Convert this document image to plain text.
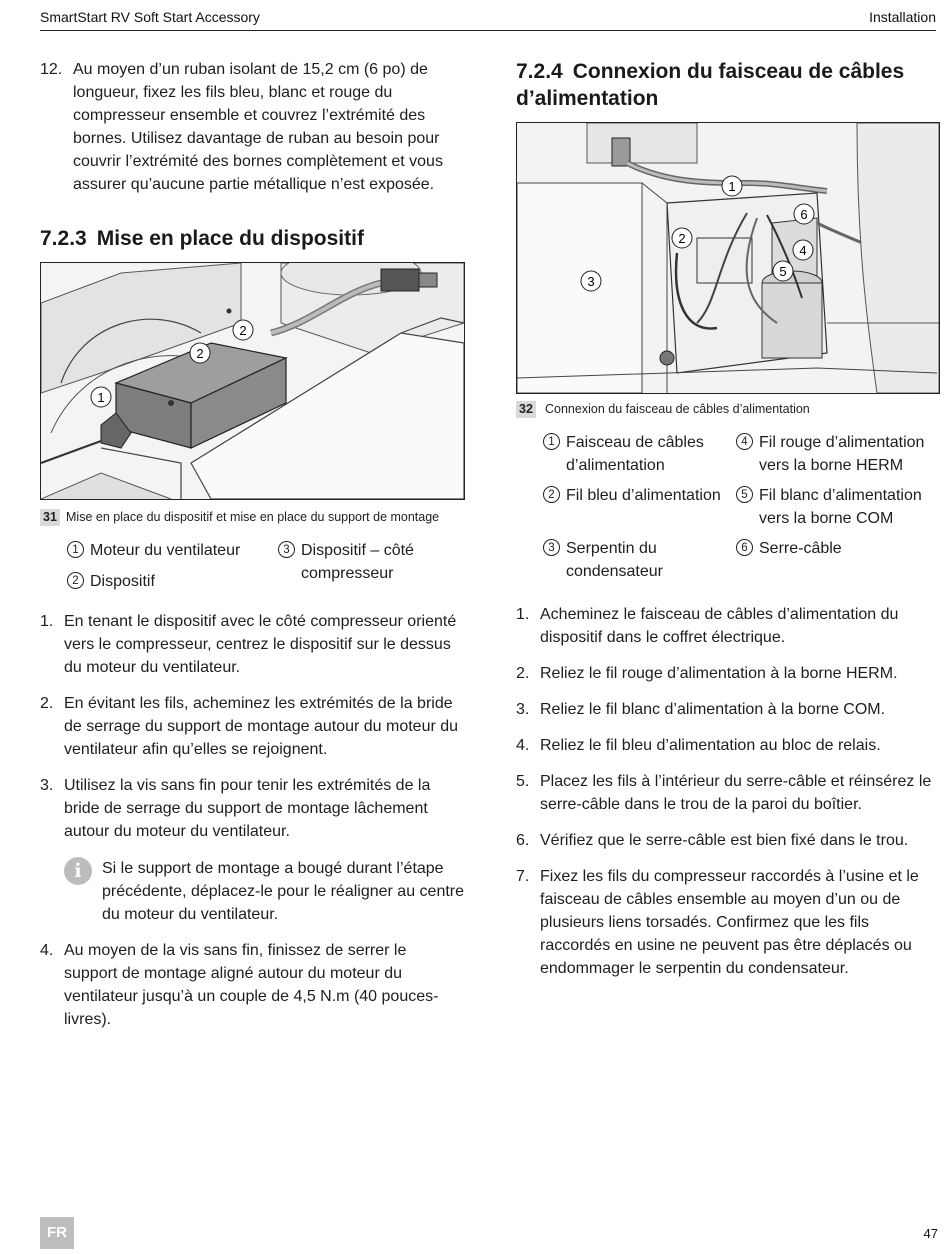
SmartStart RV Soft Start Accessory	Installation
12. Au moyen d’un ruban isolant de 15,2 cm (6 po) de longueur, fixez les fils bleu, blanc et rouge du compresseur ensemble et couvrez l’extrémité des bornes. Utilisez davantage de ruban au besoin pour couvrir l’extrémité des bornes complètement et vous assurer qu’aucune partie métallique n’est exposée.
7.2.3 Mise en place du dispositif
2
2
1
31 Mise en place du dispositif et mise en place du support de montage
1 Moteur du ventilateur
2 Dispositif
3 Dispositif – côté compresseur
1. En tenant le dispositif avec le côté compresseur orienté vers le compresseur, centrez le dispositif sur le dessus du moteur du ventilateur.
2. En évitant les fils, acheminez les extrémités de la bride de serrage du support de montage autour du moteur du ventilateur afin qu’elles se rejoignent.
3. Utilisez la vis sans fin pour tenir les extrémités de la bride de serrage du support de montage lâchement autour du moteur du ventilateur.
i	Si le support de montage a bougé durant l’étape précédente, déplacez-le pour le réaligner au centre du moteur du ventilateur.
4. Au moyen de la vis sans fin, finissez de serrer le support de montage aligné autour du moteur du ventilateur jusqu’à un couple de 4,5 N.m (40 pouces-livres).
7.2.4 Connexion du faisceau de câbles d’alimentation
1
2
3
4
5
6
32 Connexion du faisceau de câbles d’alimentation
1 Faisceau de câbles d’alimentation
2 Fil bleu d’alimentation
3 Serpentin du condensateur
4 Fil rouge d’alimentation vers la borne HERM
5 Fil blanc d’alimentation vers la borne COM
6 Serre-câble
1. Acheminez le faisceau de câbles d’alimentation du dispositif dans le coffret électrique.
2. Reliez le fil rouge d’alimentation à la borne HERM.
3. Reliez le fil blanc d’alimentation à la borne COM.
4. Reliez le fil bleu d’alimentation au bloc de relais.
5. Placez les fils à l’intérieur du serre-câble et réinsérez le serre-câble dans le trou de la paroi du boîtier.
6. Vérifiez que le serre-câble est bien fixé dans le trou.
7. Fixez les fils du compresseur raccordés à l’usine et le faisceau de câbles ensemble au moyen d’un ou de plusieurs liens torsadés. Confirmez que les fils raccordés en usine ne peuvent pas être déplacés ou endommager le serpentin du condensateur.
FR	47
